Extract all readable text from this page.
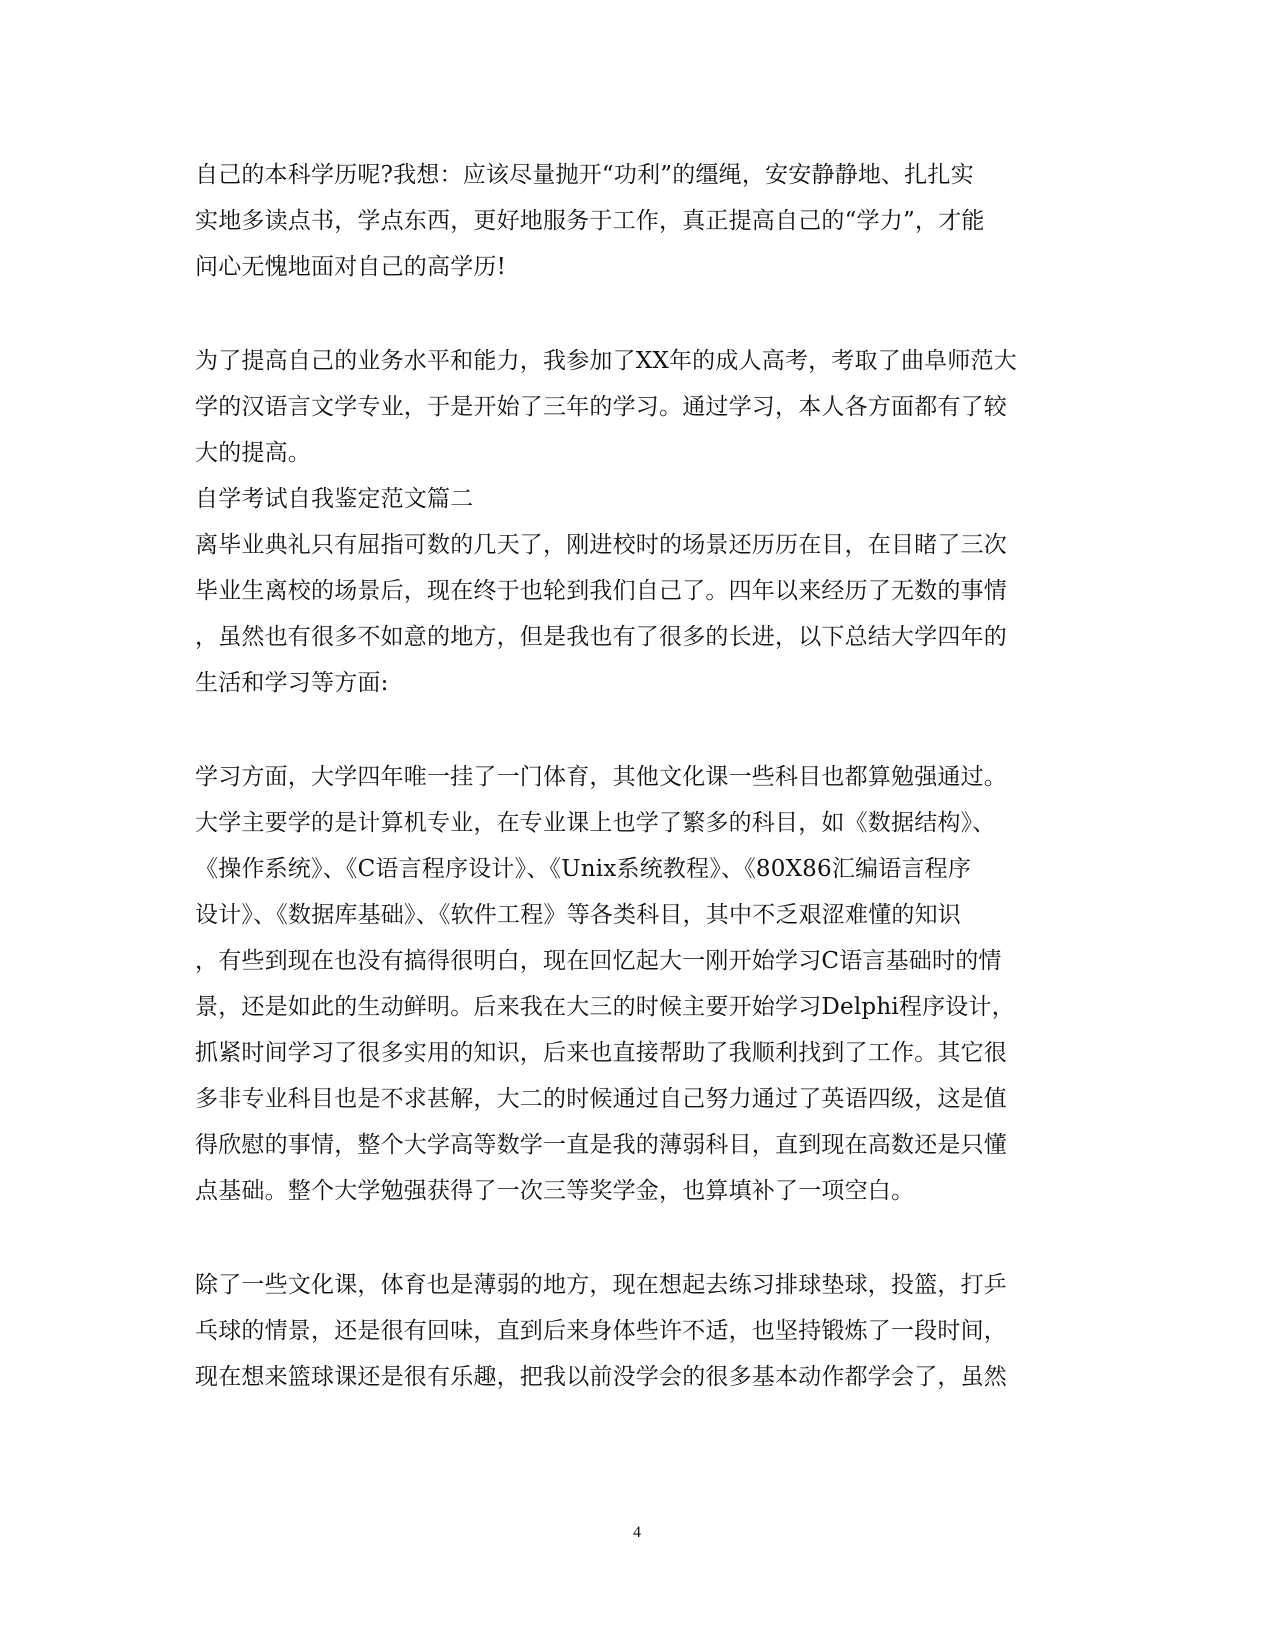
自己的本科学历呢?我想：应该尽量抛开“功利”的缰绳，安安静静地、扎扎实
实地多读点书，学点东西，更好地服务于工作，真正提高自己的“学力”，才能
问心无愧地面对自己的高学历!
为了提高自己的业务水平和能力，我参加了XX年的成人高考，考取了曲阜师范大
学的汉语言文学专业，于是开始了三年的学习。通过学习，本人各方面都有了较
大的提高。
自学考试自我鉴定范文篇二
离毕业典礼只有屈指可数的几天了，刚进校时的场景还历历在目，在目睹了三次
毕业生离校的场景后，现在终于也轮到我们自己了。四年以来经历了无数的事情
，虽然也有很多不如意的地方，但是我也有了很多的长进，以下总结大学四年的
生活和学习等方面:
学习方面，大学四年唯一挂了一门体育，其他文化课一些科目也都算勉强通过。
大学主要学的是计算机专业，在专业课上也学了繁多的科目，如《数据结构》、
《操作系统》、《C语言程序设计》、《Unix系统教程》、《80X86汇编语言程序
设计》、《数据库基础》、《软件工程》等各类科目，其中不乏艰涩难懂的知识
，有些到现在也没有搞得很明白，现在回忆起大一刚开始学习C语言基础时的情
景，还是如此的生动鲜明。后来我在大三的时候主要开始学习Delphi程序设计，
抓紧时间学习了很多实用的知识，后来也直接帮助了我顺利找到了工作。其它很
多非专业科目也是不求甚解，大二的时候通过自己努力通过了英语四级，这是值
得欣慰的事情，整个大学高等数学一直是我的薄弱科目，直到现在高数还是只懂
点基础。整个大学勉强获得了一次三等奖学金，也算填补了一项空白。
除了一些文化课，体育也是薄弱的地方，现在想起去练习排球垫球，投篮，打乒
乓球的情景，还是很有回味，直到后来身体些许不适，也坚持锻炼了一段时间，
现在想来篮球课还是很有乐趣，把我以前没学会的很多基本动作都学会了，虽然
4
